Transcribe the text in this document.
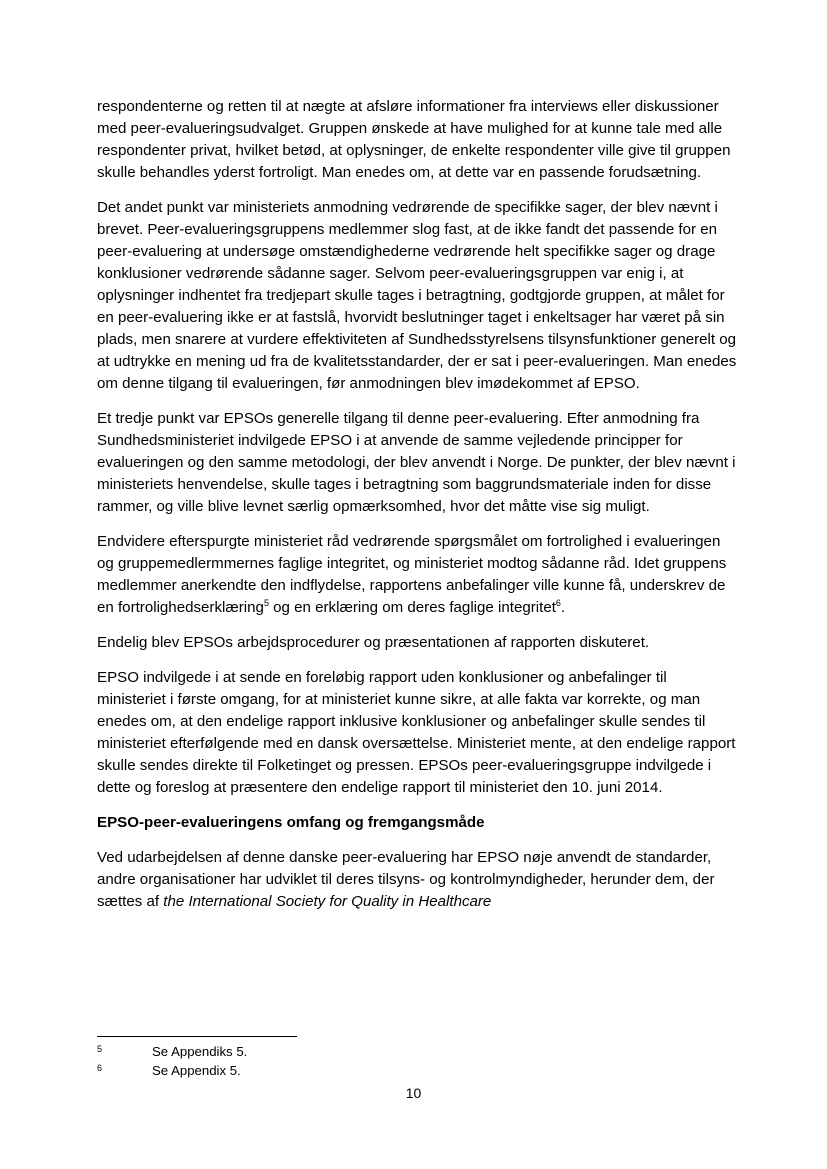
respondenterne og retten til at nægte at afsløre informationer fra interviews eller diskussioner med peer-evalueringsudvalget. Gruppen ønskede at have mulighed for at kunne tale med alle respondenter privat, hvilket betød, at oplysninger, de enkelte respondenter ville give til gruppen skulle behandles yderst fortroligt. Man enedes om, at dette var en passende forudsætning.

Det andet punkt var ministeriets anmodning vedrørende de specifikke sager, der blev nævnt i brevet. Peer-evalueringsgruppens medlemmer slog fast, at de ikke fandt det passende for en peer-evaluering at undersøge omstændighederne vedrørende helt specifikke sager og drage konklusioner vedrørende sådanne sager. Selvom peer-evalueringsgruppen var enig i, at oplysninger indhentet fra tredjepart skulle tages i betragtning, godtgjorde gruppen, at målet for en peer-evaluering ikke er at fastslå, hvorvidt beslutninger taget i enkeltsager har været på sin plads, men snarere at vurdere effektiviteten af Sundhedsstyrelsens tilsynsfunktioner generelt og at udtrykke en mening ud fra de kvalitetsstandarder, der er sat i peer-evalueringen. Man enedes om denne tilgang til evalueringen, før anmodningen blev imødekommet af EPSO.

Et tredje punkt var EPSOs generelle tilgang til denne peer-evaluering. Efter anmodning fra Sundhedsministeriet indvilgede EPSO i at anvende de samme vejledende principper for evalueringen og den samme metodologi, der blev anvendt i Norge. De punkter, der blev nævnt i ministeriets henvendelse, skulle tages i betragtning som baggrundsmateriale inden for disse rammer, og ville blive levnet særlig opmærksomhed, hvor det måtte vise sig muligt.

Endvidere efterspurgte ministeriet råd vedrørende spørgsmålet om fortrolighed i evalueringen og gruppemedlermmernes faglige integritet, og ministeriet modtog sådanne råd. Idet gruppens medlemmer anerkendte den indflydelse, rapportens anbefalinger ville kunne få, underskrev de en fortrolighedserklæring$^5$ og en erklæring om deres faglige integritet$^6$.

Endelig blev EPSOs arbejdsprocedurer og præsentationen af rapporten diskuteret.

EPSO indvilgede i at sende en foreløbig rapport uden konklusioner og anbefalinger til ministeriet i første omgang, for at ministeriet kunne sikre, at alle fakta var korrekte, og man enedes om, at den endelige rapport inklusive konklusioner og anbefalinger skulle sendes til ministeriet efterfølgende med en dansk oversættelse. Ministeriet mente, at den endelige rapport skulle sendes direkte til Folketinget og pressen. EPSOs peer-evalueringsgruppe indvilgede i dette og foreslog at præsentere den endelige rapport til ministeriet den 10. juni 2014.

EPSO-peer-evalueringens omfang og fremgangsmåde

Ved udarbejdelsen af denne danske peer-evaluering har EPSO nøje anvendt de standarder, andre organisationer har udviklet til deres tilsyns- og kontrolmyndigheder, herunder dem, der sættes af the International Society for Quality in Healthcare

5	Se Appendiks 5.
6	Se Appendix 5.
10
